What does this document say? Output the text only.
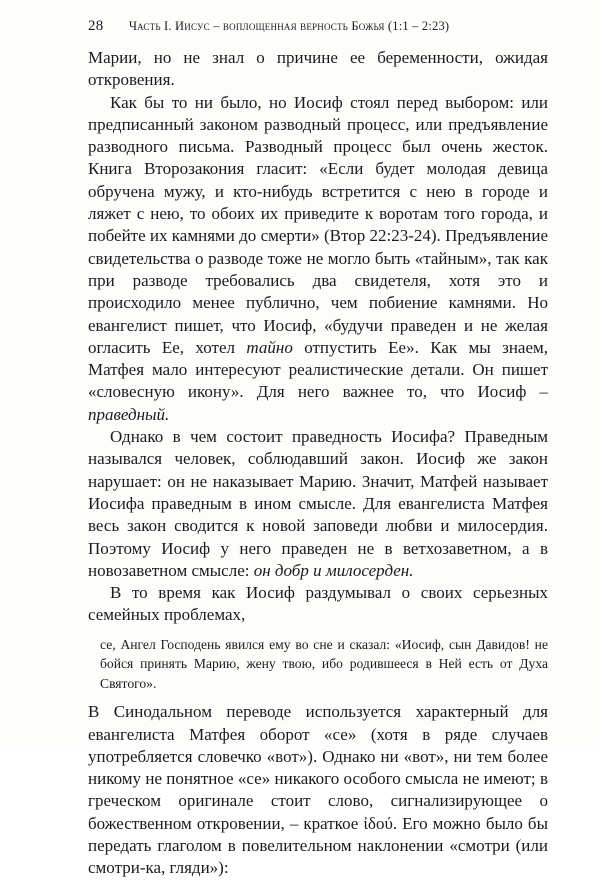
28 Часть I. Иисус – воплощенная верность Божья (1:1 – 2:23)

Марии, но не знал о причине ее беременности, ожидая откровения.

Как бы то ни было, но Иосиф стоял перед выбором: или предписанный законом разводный процесс, или предъявление разводного письма. Разводный процесс был очень жесток. Книга Второзакония гласит: «Если будет молодая девица обручена мужу, и кто-нибудь встретится с нею в городе и ляжет с нею, то обоих их приведите к воротам того города, и побейте их камнями до смерти» (Втор 22:23-24). Предъявление свидетельства о разводе тоже не могло быть «тайным», так как при разводе требовались два свидетеля, хотя это и происходило менее публично, чем побиение камнями. Но евангелист пишет, что Иосиф, «будучи праведен и не желая огласить Ее, хотел тайно отпустить Ее». Как мы знаем, Матфея мало интересуют реалистические детали. Он пишет «словесную икону». Для него важнее то, что Иосиф – праведный.

Однако в чем состоит праведность Иосифа? Праведным назывался человек, соблюдавший закон. Иосиф же закон нарушает: он не наказывает Марию. Значит, Матфей называет Иосифа праведным в ином смысле. Для евангелиста Матфея весь закон сводится к новой заповеди любви и милосердия. Поэтому Иосиф у него праведен не в ветхозаветном, а в новозаветном смысле: он добр и милосерден.

В то время как Иосиф раздумывал о своих серьезных семейных проблемах,

се, Ангел Господень явился ему во сне и сказал: «Иосиф, сын Давидов! не бойся принять Марию, жену твою, ибо родившееся в Ней есть от Духа Святого».

В Синодальном переводе используется характерный для евангелиста Матфея оборот «се» (хотя в ряде случаев употребляется словечко «вот»). Однако ни «вот», ни тем более никому не понятное «се» никакого особого смысла не имеют; в греческом оригинале стоит слово, сигнализирующее о божественном откровении, – краткое ἰδού. Его можно было бы передать глаголом в повелительном наклонении «смотри (или смотри-ка, гляди»):
